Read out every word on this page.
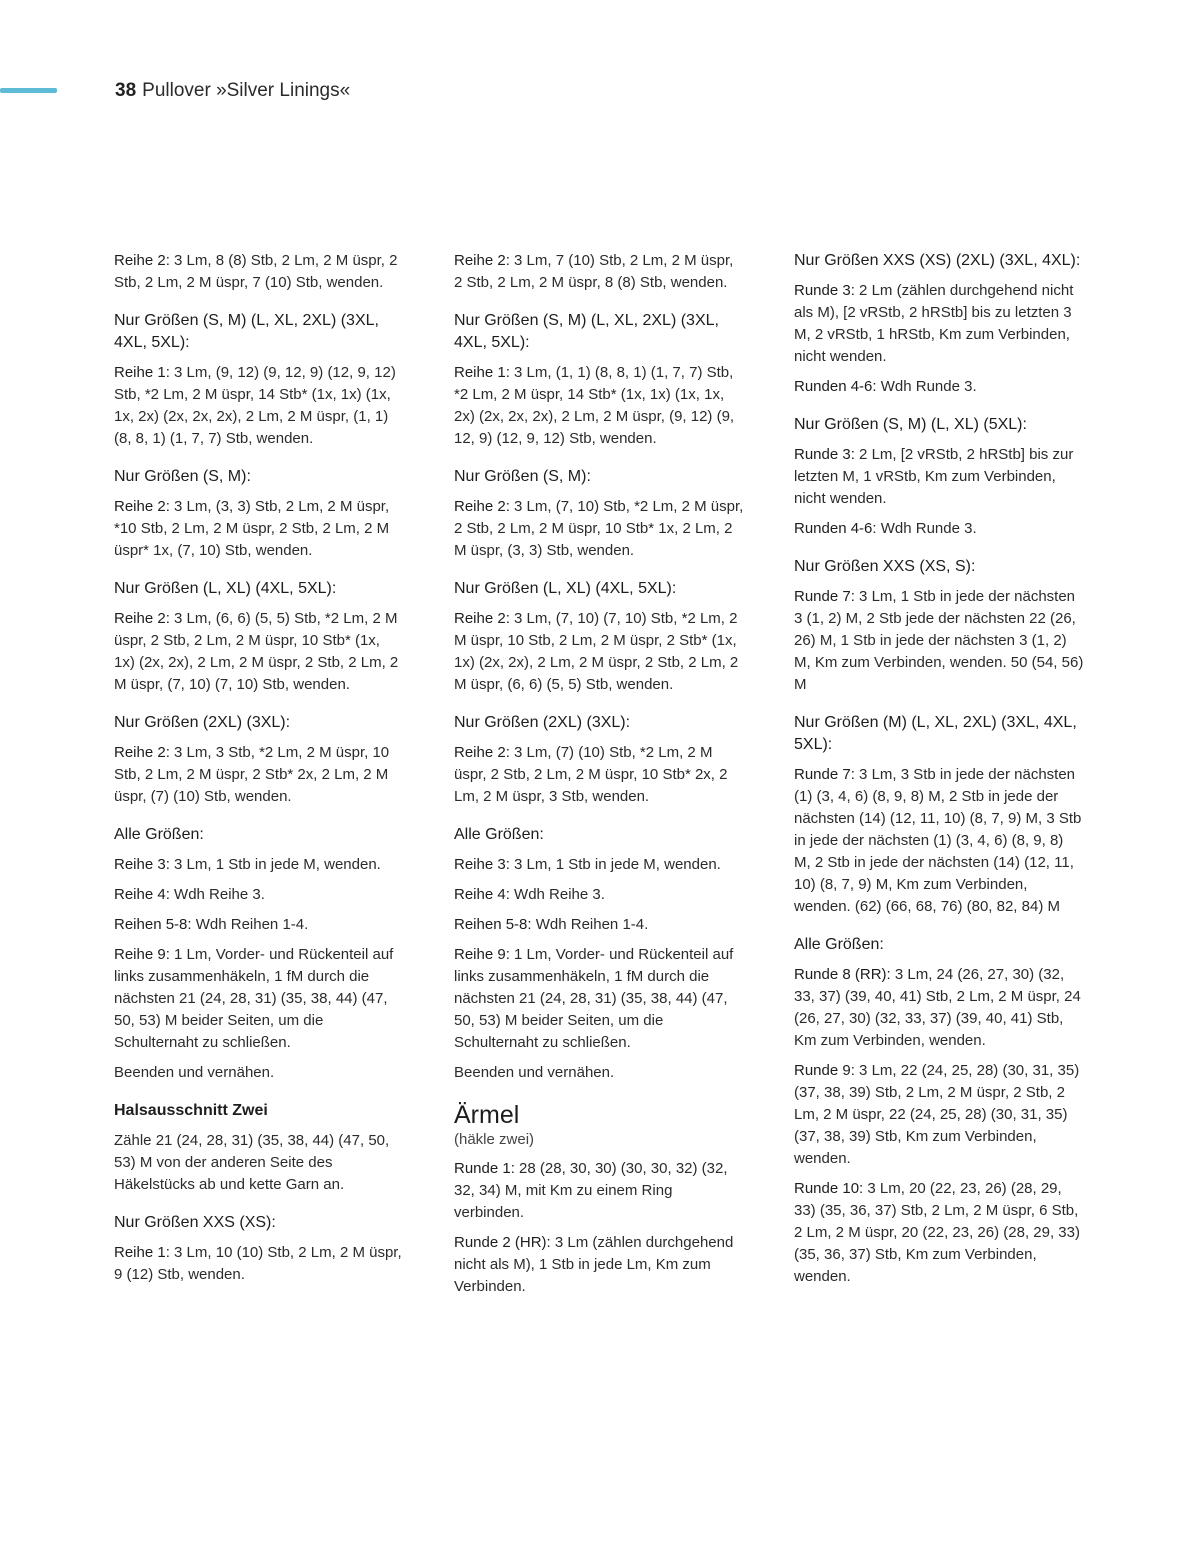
38 Pullover »Silver Linings«

Reihe 2: 3 Lm, 8 (8) Stb, 2 Lm, 2 M üspr, 2 Stb, 2 Lm, 2 M üspr, 7 (10) Stb, wenden.

Nur Größen (S, M) (L, XL, 2XL) (3XL, 4XL, 5XL):

Reihe 1: 3 Lm, (9, 12) (9, 12, 9) (12, 9, 12) Stb, *2 Lm, 2 M üspr, 14 Stb* (1x, 1x) (1x, 1x, 2x) (2x, 2x, 2x), 2 Lm, 2 M üspr, (1, 1) (8, 8, 1) (1, 7, 7) Stb, wenden.

Nur Größen (S, M):

Reihe 2: 3 Lm, (3, 3) Stb, 2 Lm, 2 M üspr, *10 Stb, 2 Lm, 2 M üspr, 2 Stb, 2 Lm, 2 M üspr* 1x, (7, 10) Stb, wenden.

Nur Größen (L, XL) (4XL, 5XL):

Reihe 2: 3 Lm, (6, 6) (5, 5) Stb, *2 Lm, 2 M üspr, 2 Stb, 2 Lm, 2 M üspr, 10 Stb* (1x, 1x) (2x, 2x), 2 Lm, 2 M üspr, 2 Stb, 2 Lm, 2 M üspr, (7, 10) (7, 10) Stb, wenden.

Nur Größen (2XL) (3XL):

Reihe 2: 3 Lm, 3 Stb, *2 Lm, 2 M üspr, 10 Stb, 2 Lm, 2 M üspr, 2 Stb* 2x, 2 Lm, 2 M üspr, (7) (10) Stb, wenden.

Alle Größen:

Reihe 3: 3 Lm, 1 Stb in jede M, wenden.

Reihe 4: Wdh Reihe 3.

Reihen 5-8: Wdh Reihen 1-4.

Reihe 9: 1 Lm, Vorder- und Rückenteil auf links zusammenhäkeln, 1 fM durch die nächsten 21 (24, 28, 31) (35, 38, 44) (47, 50, 53) M beider Seiten, um die Schulternaht zu schließen.

Beenden und vernähen.

Halsausschnitt Zwei

Zähle 21 (24, 28, 31) (35, 38, 44) (47, 50, 53) M von der anderen Seite des Häkelstücks ab und kette Garn an.

Nur Größen XXS (XS):

Reihe 1: 3 Lm, 10 (10) Stb, 2 Lm, 2 M üspr, 9 (12) Stb, wenden.

Reihe 2: 3 Lm, 7 (10) Stb, 2 Lm, 2 M üspr, 2 Stb, 2 Lm, 2 M üspr, 8 (8) Stb, wenden.

Nur Größen (S, M) (L, XL, 2XL) (3XL, 4XL, 5XL):

Reihe 1: 3 Lm, (1, 1) (8, 8, 1) (1, 7, 7) Stb, *2 Lm, 2 M üspr, 14 Stb* (1x, 1x) (1x, 1x, 2x) (2x, 2x, 2x), 2 Lm, 2 M üspr, (9, 12) (9, 12, 9) (12, 9, 12) Stb, wenden.

Nur Größen (S, M):

Reihe 2: 3 Lm, (7, 10) Stb, *2 Lm, 2 M üspr, 2 Stb, 2 Lm, 2 M üspr, 10 Stb* 1x, 2 Lm, 2 M üspr, (3, 3) Stb, wenden.

Nur Größen (L, XL) (4XL, 5XL):

Reihe 2: 3 Lm, (7, 10) (7, 10) Stb, *2 Lm, 2 M üspr, 10 Stb, 2 Lm, 2 M üspr, 2 Stb* (1x, 1x) (2x, 2x), 2 Lm, 2 M üspr, 2 Stb, 2 Lm, 2 M üspr, (6, 6) (5, 5) Stb, wenden.

Nur Größen (2XL) (3XL):

Reihe 2: 3 Lm, (7) (10) Stb, *2 Lm, 2 M üspr, 2 Stb, 2 Lm, 2 M üspr, 10 Stb* 2x, 2 Lm, 2 M üspr, 3 Stb, wenden.

Alle Größen:

Reihe 3: 3 Lm, 1 Stb in jede M, wenden.

Reihe 4: Wdh Reihe 3.

Reihen 5-8: Wdh Reihen 1-4.

Reihe 9: 1 Lm, Vorder- und Rückenteil auf links zusammenhäkeln, 1 fM durch die nächsten 21 (24, 28, 31) (35, 38, 44) (47, 50, 53) M beider Seiten, um die Schulternaht zu schließen.

Beenden und vernähen.

Ärmel

(häkle zwei)

Runde 1: 28 (28, 30, 30) (30, 30, 32) (32, 32, 34) M, mit Km zu einem Ring verbinden.

Runde 2 (HR): 3 Lm (zählen durchgehend nicht als M), 1 Stb in jede Lm, Km zum Verbinden.

Nur Größen XXS (XS) (2XL) (3XL, 4XL):

Runde 3: 2 Lm (zählen durchgehend nicht als M), [2 vRStb, 2 hRStb] bis zu letzten 3 M, 2 vRStb, 1 hRStb, Km zum Verbinden, nicht wenden.

Runden 4-6: Wdh Runde 3.

Nur Größen (S, M) (L, XL) (5XL):

Runde 3: 2 Lm, [2 vRStb, 2 hRStb] bis zur letzten M, 1 vRStb, Km zum Verbinden, nicht wenden.

Runden 4-6: Wdh Runde 3.

Nur Größen XXS (XS, S):

Runde 7: 3 Lm, 1 Stb in jede der nächsten 3 (1, 2) M, 2 Stb jede der nächsten 22 (26, 26) M, 1 Stb in jede der nächsten 3 (1, 2) M, Km zum Verbinden, wenden. 50 (54, 56) M

Nur Größen (M) (L, XL, 2XL) (3XL, 4XL, 5XL):

Runde 7: 3 Lm, 3 Stb in jede der nächsten (1) (3, 4, 6) (8, 9, 8) M, 2 Stb in jede der nächsten (14) (12, 11, 10) (8, 7, 9) M, 3 Stb in jede der nächsten (1) (3, 4, 6) (8, 9, 8) M, 2 Stb in jede der nächsten (14) (12, 11, 10) (8, 7, 9) M, Km zum Verbinden, wenden. (62) (66, 68, 76) (80, 82, 84) M

Alle Größen:

Runde 8 (RR): 3 Lm, 24 (26, 27, 30) (32, 33, 37) (39, 40, 41) Stb, 2 Lm, 2 M üspr, 24 (26, 27, 30) (32, 33, 37) (39, 40, 41) Stb, Km zum Verbinden, wenden.

Runde 9: 3 Lm, 22 (24, 25, 28) (30, 31, 35) (37, 38, 39) Stb, 2 Lm, 2 M üspr, 2 Stb, 2 Lm, 2 M üspr, 22 (24, 25, 28) (30, 31, 35) (37, 38, 39) Stb, Km zum Verbinden, wenden.

Runde 10: 3 Lm, 20 (22, 23, 26) (28, 29, 33) (35, 36, 37) Stb, 2 Lm, 2 M üspr, 6 Stb, 2 Lm, 2 M üspr, 20 (22, 23, 26) (28, 29, 33) (35, 36, 37) Stb, Km zum Verbinden, wenden.
